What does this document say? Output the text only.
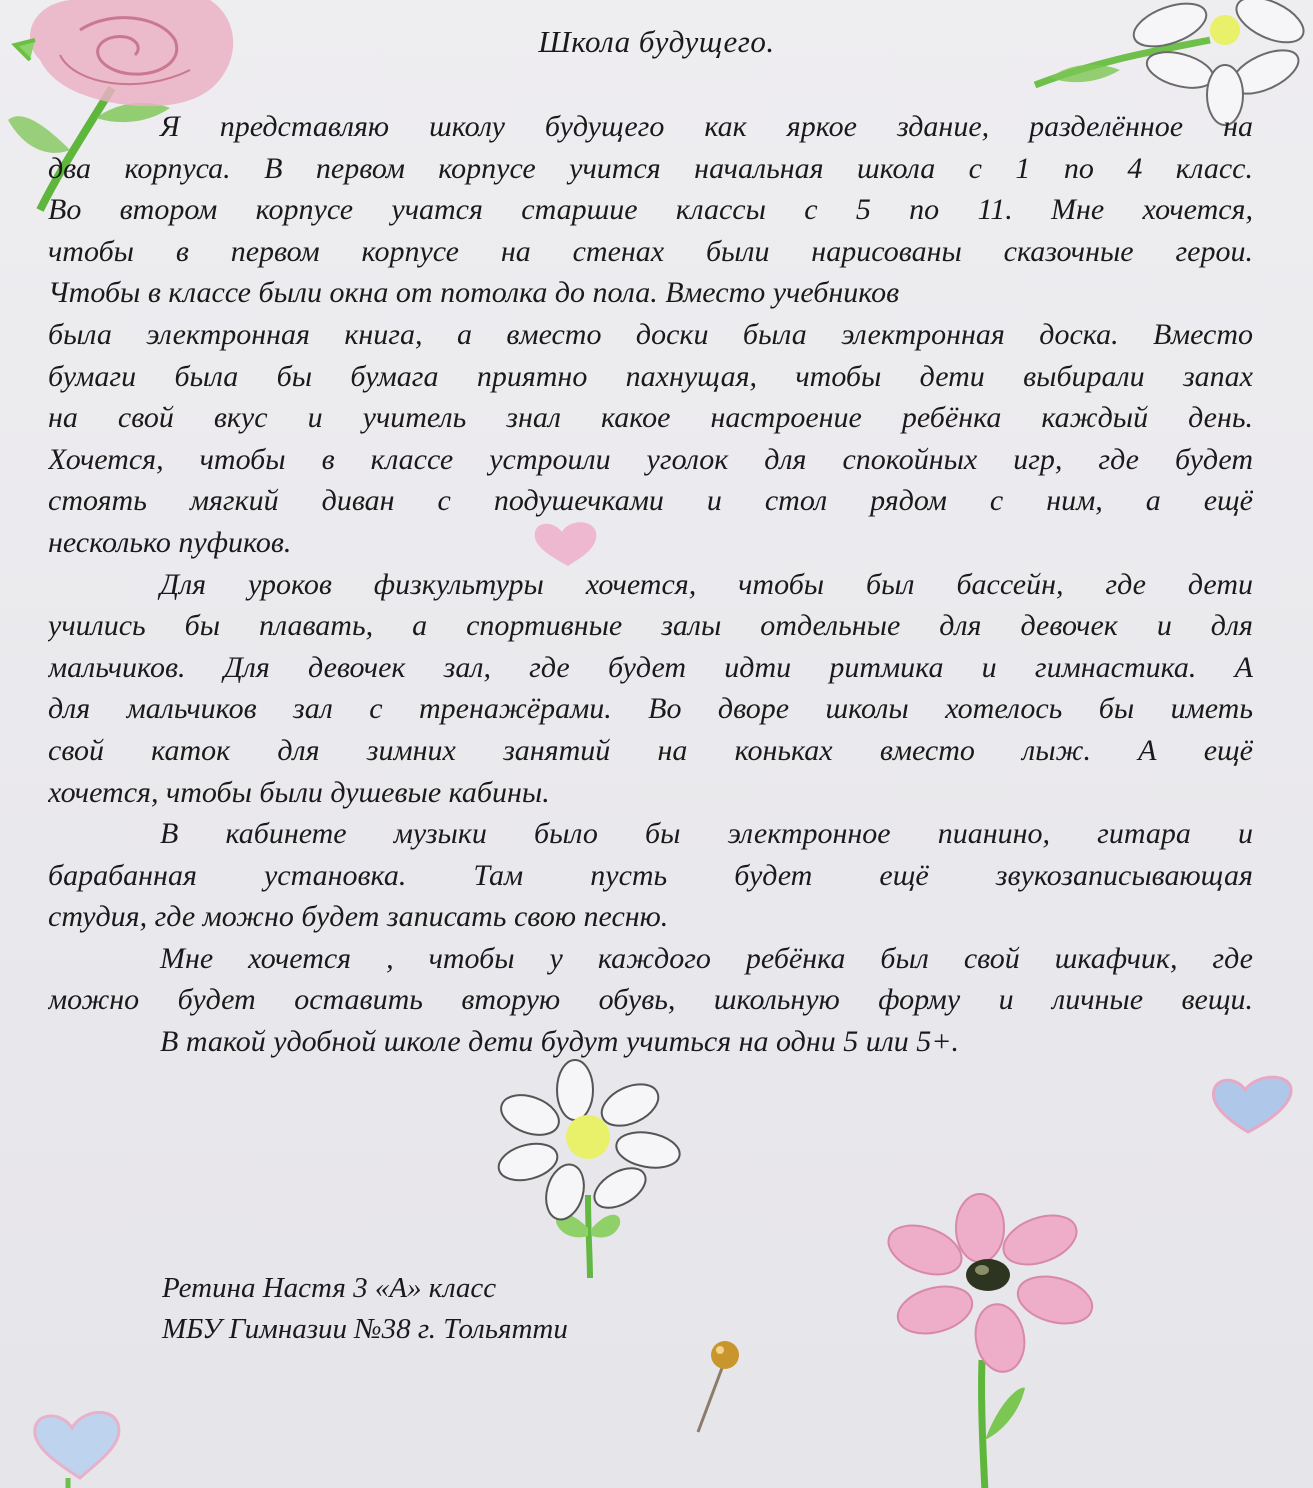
Школа будущего.
Я представляю школу будущего как яркое здание, разделённое на
два корпуса. В первом корпусе учится начальная школа с 1 по 4 класс.
Во втором корпусе учатся старшие классы с 5 по 11. Мне хочется,
чтобы в первом корпусе на стенах были нарисованы сказочные герои.
Чтобы в классе были окна от потолка до пола. Вместо учебников
была электронная книга, а вместо доски была электронная доска. Вместо
бумаги была бы бумага приятно пахнущая, чтобы дети выбирали запах
на свой вкус и учитель знал какое настроение ребёнка каждый день.
Хочется, чтобы в классе устроили уголок для спокойных игр, где будет
стоять мягкий диван с подушечками и стол рядом с ним, а ещё
несколько пуфиков.
Для уроков физкультуры хочется, чтобы был бассейн, где дети
учились бы плавать, а спортивные залы отдельные для девочек и для
мальчиков. Для девочек зал, где будет идти ритмика и гимнастика. А
для мальчиков зал с тренажёрами. Во дворе школы хотелось бы иметь
свой каток для зимних занятий на коньках вместо лыж. А ещё
хочется, чтобы были душевые кабины.
В кабинете музыки было бы электронное пианино, гитара и
барабанная установка. Там пусть будет ещё звукозаписывающая
студия, где можно будет записать свою песню.
Мне хочется , чтобы у каждого ребёнка был свой шкафчик, где
можно будет оставить вторую обувь, школьную форму и личные вещи.
В такой удобной школе дети будут учиться на одни 5 или 5+.
Ретина Настя 3 «А» класс
МБУ Гимназии №38 г. Тольятти
